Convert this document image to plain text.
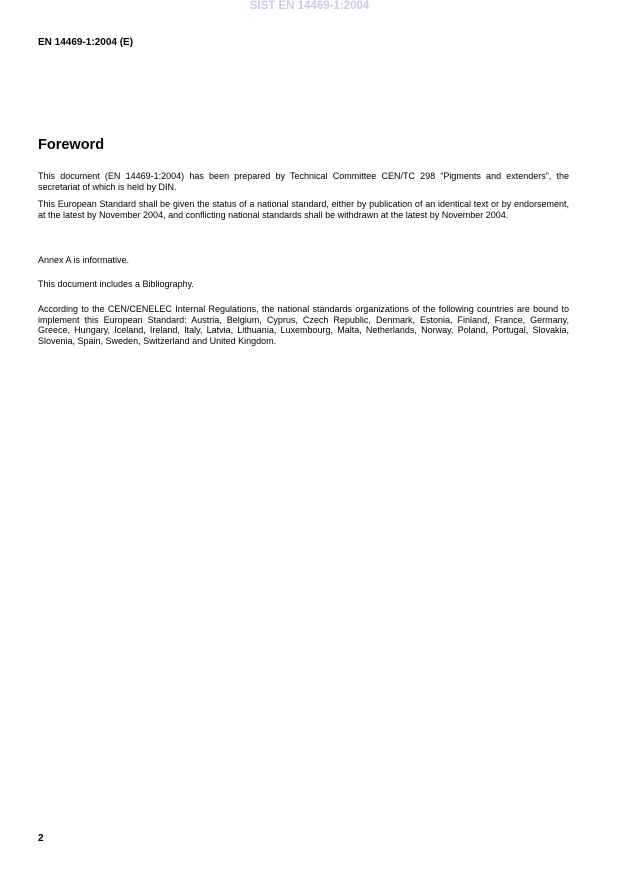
SIST EN 14469-1:2004
EN 14469-1:2004 (E)
Foreword
This document (EN 14469-1:2004) has been prepared by Technical Committee CEN/TC 298 “Pigments and extenders”, the secretariat of which is held by DIN.
This European Standard shall be given the status of a national standard, either by publication of an identical text or by endorsement, at the latest by November 2004, and conflicting national standards shall be withdrawn at the latest by November 2004.
Annex A is informative.
This document includes a Bibliography.
According to the CEN/CENELEC Internal Regulations, the national standards organizations of the following countries are bound to implement this European Standard: Austria, Belgium, Cyprus, Czech Republic, Denmark, Estonia, Finland, France, Germany, Greece, Hungary, Iceland, Ireland, Italy, Latvia, Lithuania, Luxembourg, Malta, Netherlands, Norway, Poland, Portugal, Slovakia, Slovenia, Spain, Sweden, Switzerland and United Kingdom.
2
